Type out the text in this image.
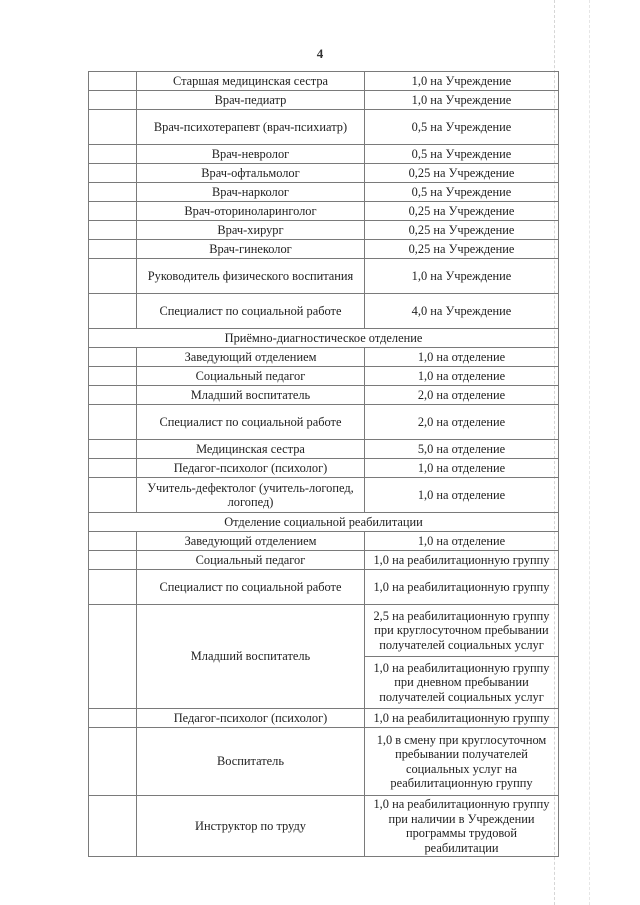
4
	Старшая медицинская сестра	1,0 на Учреждение
	Врач-педиатр	1,0 на Учреждение
	Врач-психотерапевт (врач-психиатр)	0,5 на Учреждение
	Врач-невролог	0,5 на Учреждение
	Врач-офтальмолог	0,25 на Учреждение
	Врач-нарколог	0,5 на Учреждение
	Врач-оториноларинголог	0,25 на Учреждение
	Врач-хирург	0,25 на Учреждение
	Врач-гинеколог	0,25 на Учреждение
	Руководитель физического воспитания	1,0 на Учреждение
	Специалист по социальной работе	4,0 на Учреждение
Приёмно-диагностическое отделение		
	Заведующий отделением	1,0 на отделение
	Социальный педагог	1,0 на отделение
	Младший воспитатель	2,0 на отделение
	Специалист по социальной работе	2,0 на отделение
	Медицинская сестра	5,0 на отделение
	Педагог-психолог (психолог)	1,0 на отделение
	Учитель-дефектолог (учитель-логопед, логопед)	1,0 на отделение
Отделение социальной реабилитации		
	Заведующий отделением	1,0 на отделение
	Социальный педагог	1,0 на реабилитационную группу
	Специалист по социальной работе	1,0 на реабилитационную группу
	Младший воспитатель	2,5 на реабилитационную группу при круглосуточном пребывании получателей социальных услуг
		1,0 на реабилитационную группу при дневном пребывании получателей социальных услуг
	Педагог-психолог (психолог)	1,0 на реабилитационную группу
	Воспитатель	1,0 в смену при круглосуточном пребывании получателей социальных услуг на реабилитационную группу
	Инструктор по труду	1,0 на реабилитационную группу при наличии в Учреждении программы трудовой реабилитации
